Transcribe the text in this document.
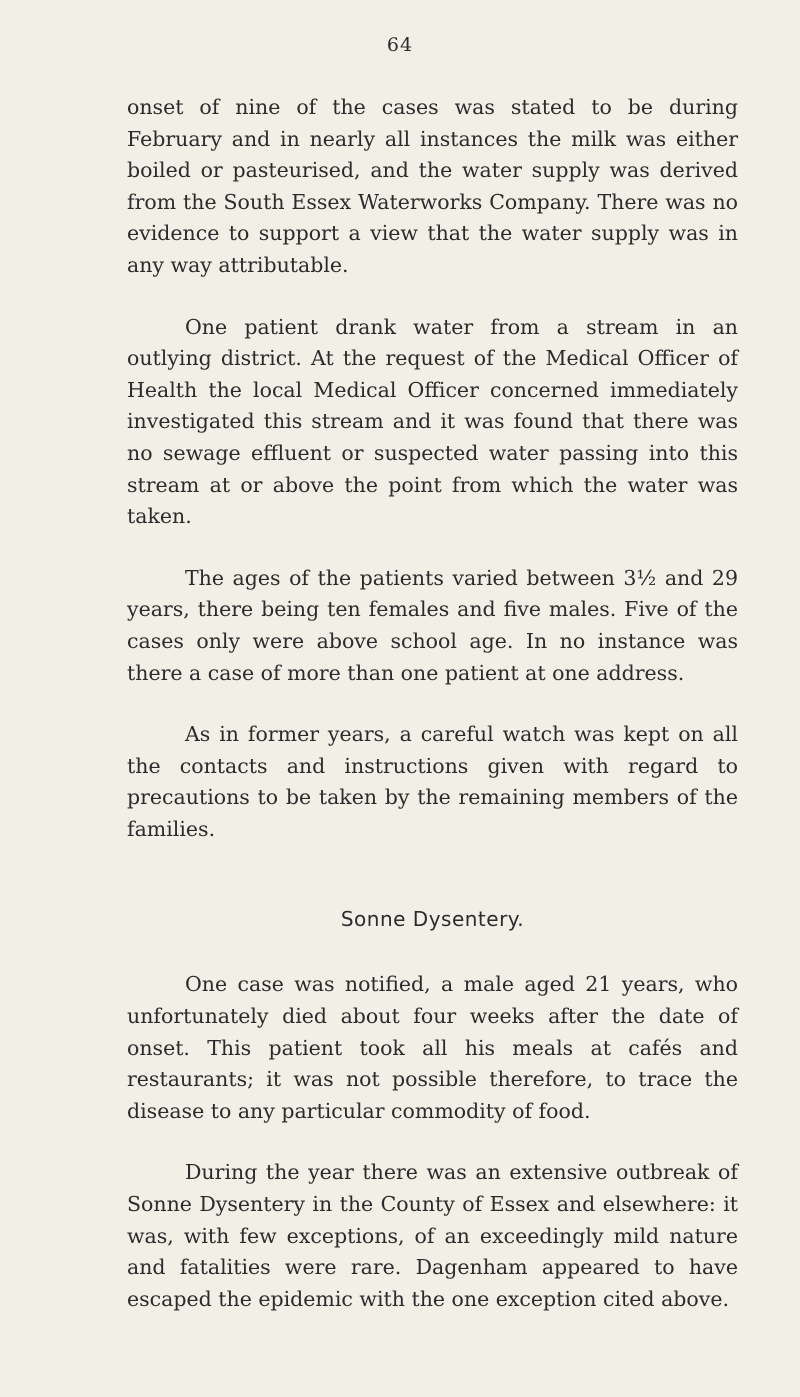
64

onset of nine of the cases was stated to be during February and in nearly all instances the milk was either boiled or pasteurised, and the water supply was derived from the South Essex Waterworks Company. There was no evidence to support a view that the water supply was in any way attributable.

One patient drank water from a stream in an outlying district. At the request of the Medical Officer of Health the local Medical Officer concerned immediately investigated this stream and it was found that there was no sewage effluent or suspected water passing into this stream at or above the point from which the water was taken.

The ages of the patients varied between 3½ and 29 years, there being ten females and five males. Five of the cases only were above school age. In no instance was there a case of more than one patient at one address.

As in former years, a careful watch was kept on all the contacts and instructions given with regard to precautions to be taken by the remaining members of the families.

Sonne Dysentery.

One case was notified, a male aged 21 years, who unfortunately died about four weeks after the date of onset. This patient took all his meals at cafés and restaurants; it was not possible therefore, to trace the disease to any particular commodity of food.

During the year there was an extensive outbreak of Sonne Dysentery in the County of Essex and elsewhere: it was, with few exceptions, of an exceedingly mild nature and fatalities were rare. Dagenham appeared to have escaped the epidemic with the one exception cited above.
